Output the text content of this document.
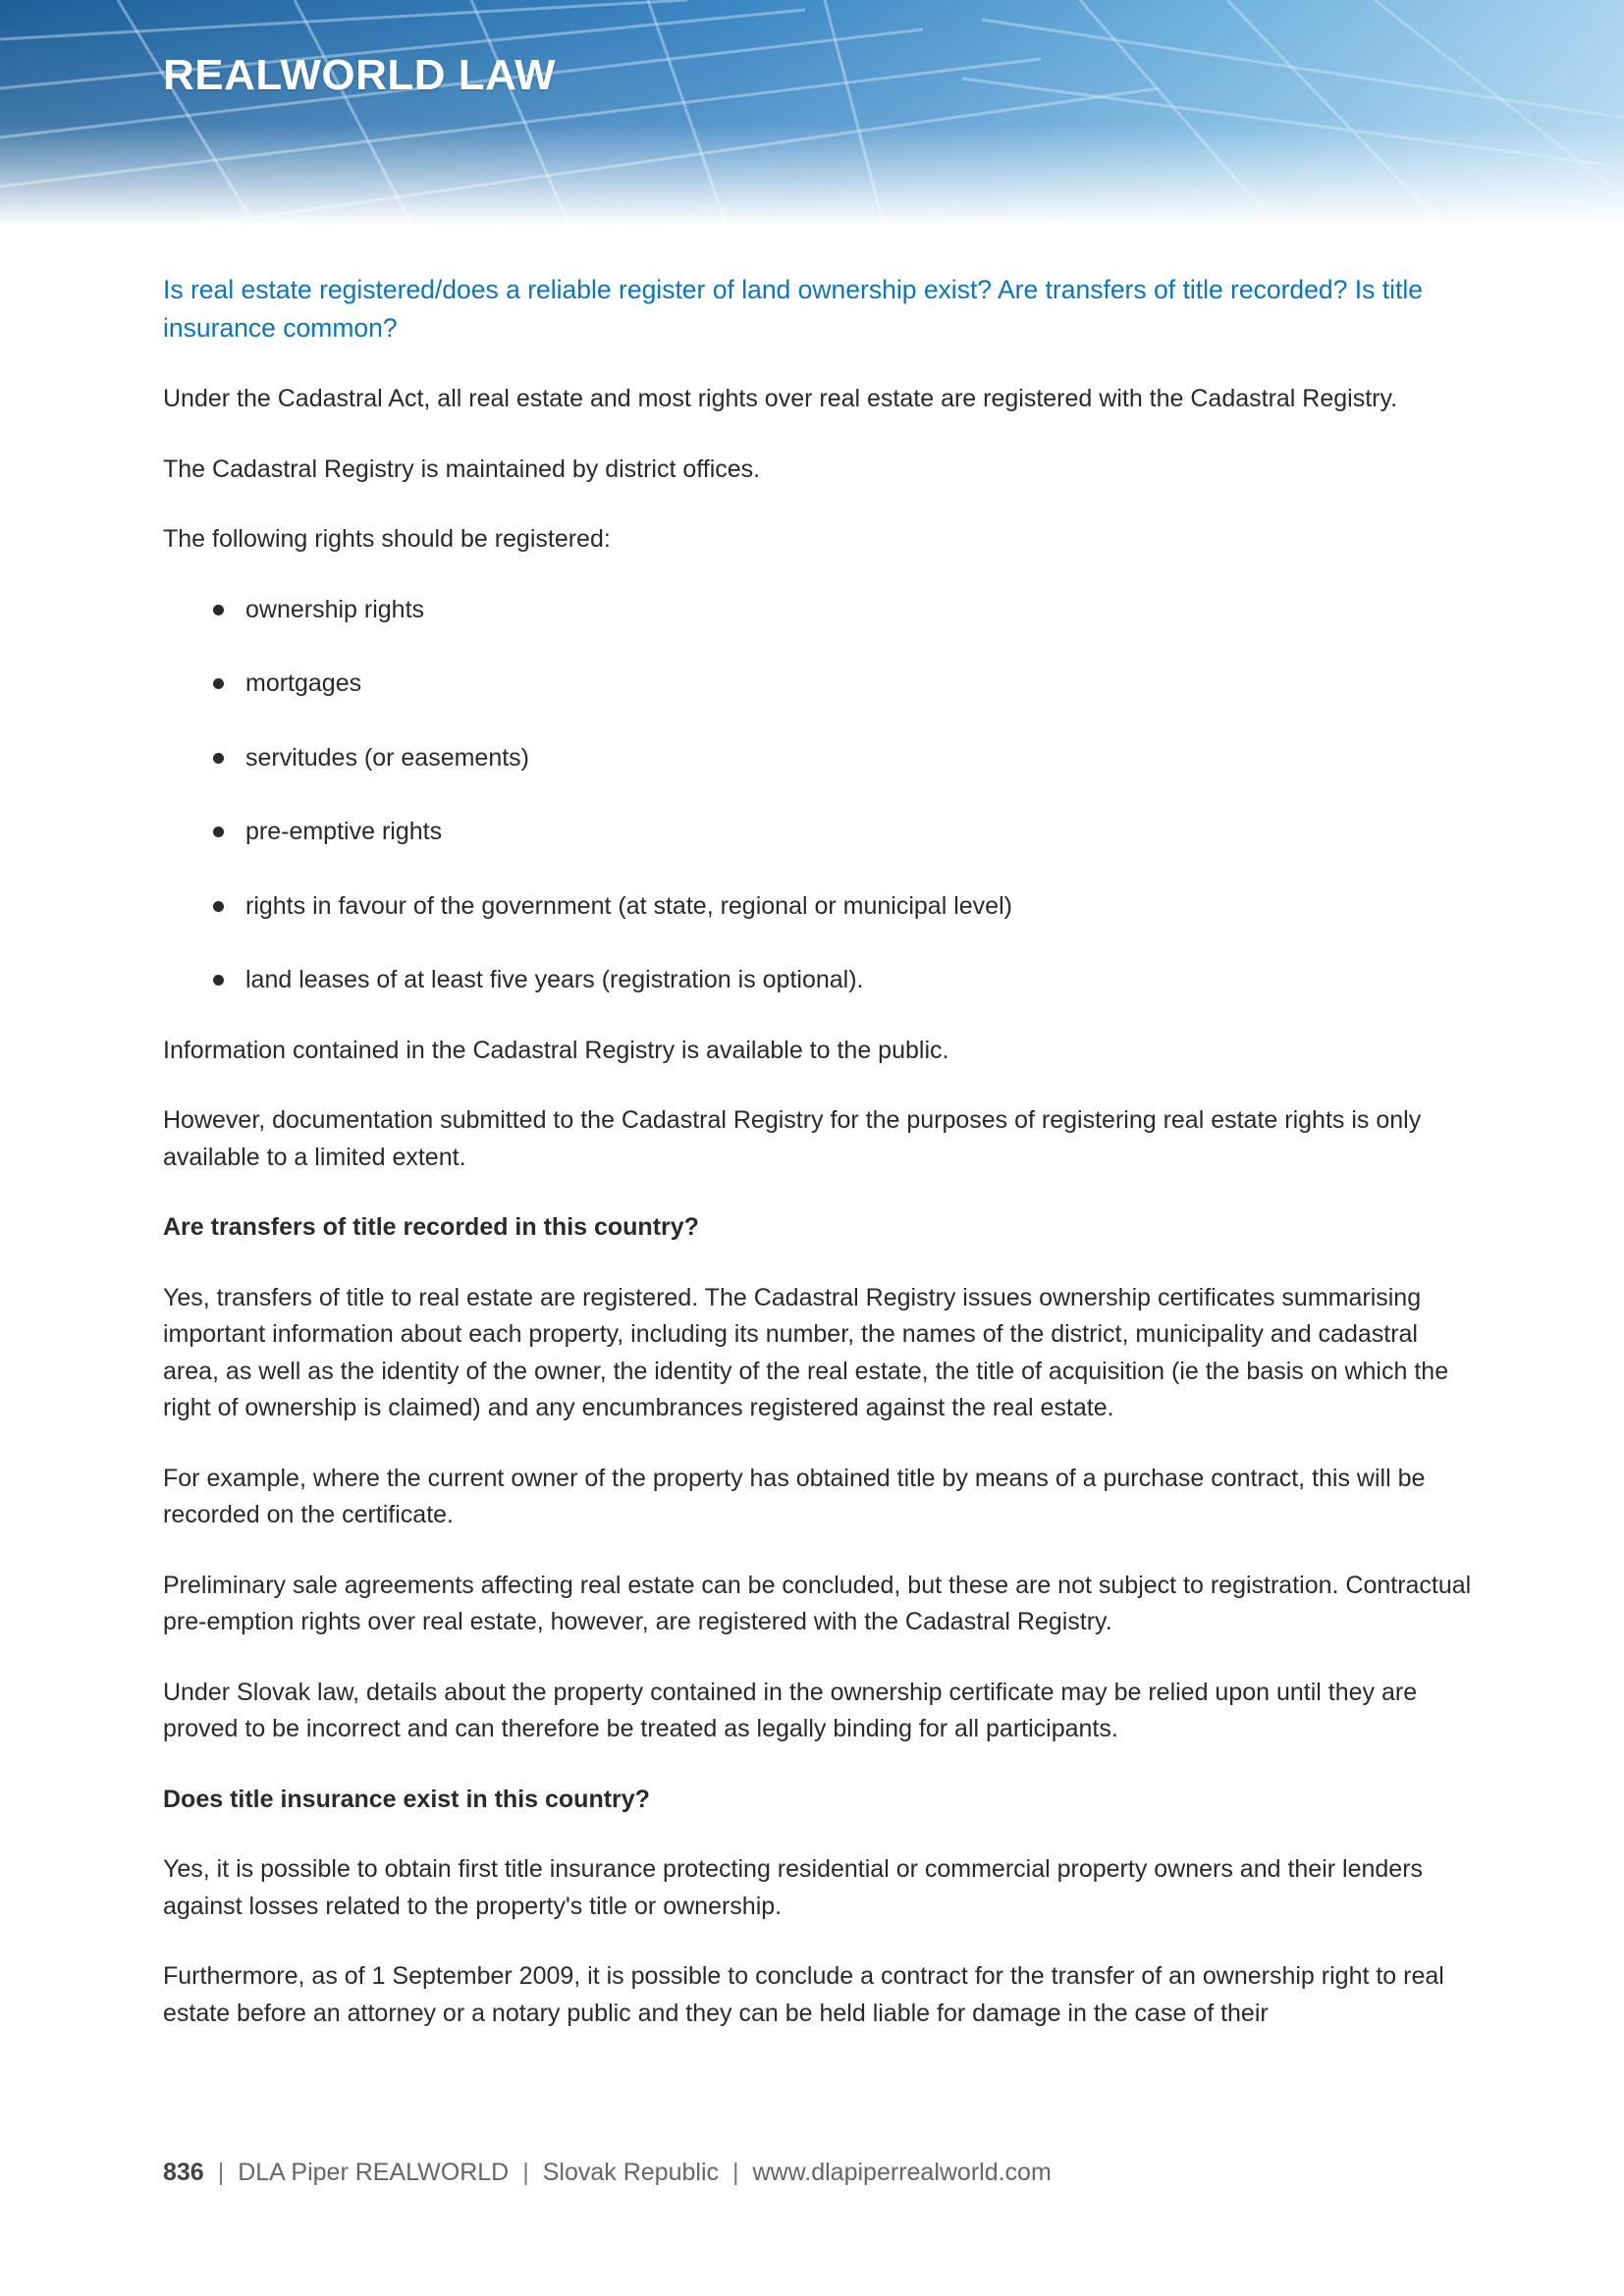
REALWORLD LAW
Is real estate registered/does a reliable register of land ownership exist? Are transfers of title recorded? Is title insurance common?

Under the Cadastral Act, all real estate and most rights over real estate are registered with the Cadastral Registry.

The Cadastral Registry is maintained by district offices.

The following rights should be registered:

ownership rights
mortgages
servitudes (or easements)
pre-emptive rights
rights in favour of the government (at state, regional or municipal level)
land leases of at least five years (registration is optional).

Information contained in the Cadastral Registry is available to the public.

However, documentation submitted to the Cadastral Registry for the purposes of registering real estate rights is only available to a limited extent.

Are transfers of title recorded in this country?

Yes, transfers of title to real estate are registered. The Cadastral Registry issues ownership certificates summarising important information about each property, including its number, the names of the district, municipality and cadastral area, as well as the identity of the owner, the identity of the real estate, the title of acquisition (ie the basis on which the right of ownership is claimed) and any encumbrances registered against the real estate.

For example, where the current owner of the property has obtained title by means of a purchase contract, this will be recorded on the certificate.

Preliminary sale agreements affecting real estate can be concluded, but these are not subject to registration. Contractual pre-emption rights over real estate, however, are registered with the Cadastral Registry.

Under Slovak law, details about the property contained in the ownership certificate may be relied upon until they are proved to be incorrect and can therefore be treated as legally binding for all participants.

Does title insurance exist in this country?

Yes, it is possible to obtain first title insurance protecting residential or commercial property owners and their lenders against losses related to the property's title or ownership.

Furthermore, as of 1 September 2009, it is possible to conclude a contract for the transfer of an ownership right to real estate before an attorney or a notary public and they can be held liable for damage in the case of their

836 | DLA Piper REALWORLD | Slovak Republic | www.dlapiperrealworld.com
